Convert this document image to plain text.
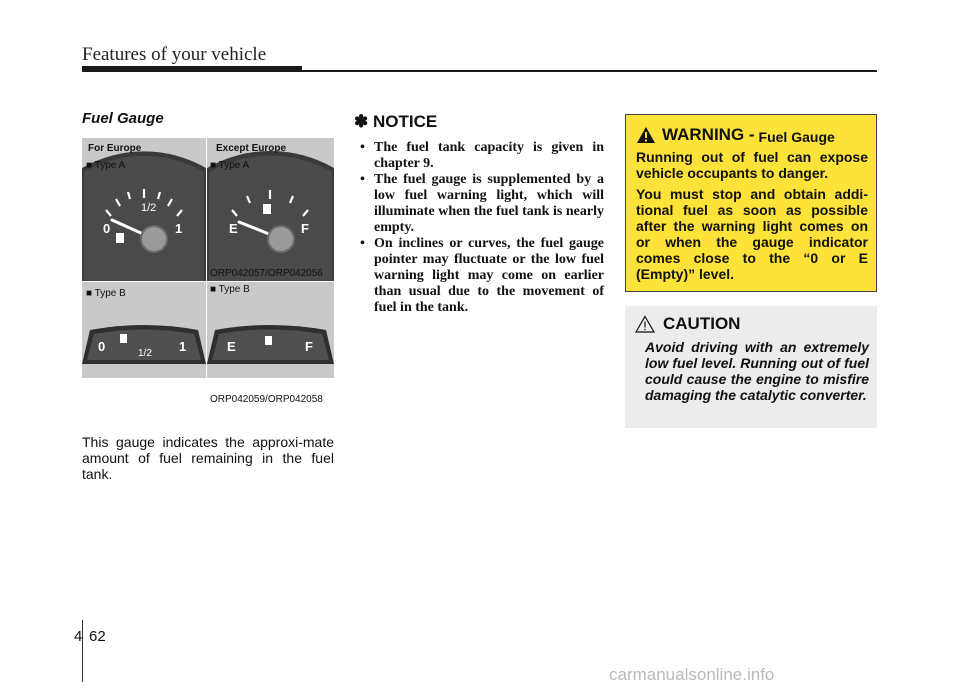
Features of your vehicle
Fuel Gauge
1/2
0	1	E	F
0	1
1/2	E	F
For Europe	Except Europe
■ Type A	■ Type A
ORP042057/ORP042056
■ Type B	■ Type B
ORP042059/ORP042058
This gauge indicates the approxi-mate amount of fuel remaining in the fuel tank.
✽ NOTICE
• The fuel tank capacity is given in chapter 9.
• The fuel gauge is supplemented by a low fuel warning light, which will illuminate when the fuel tank is nearly empty.
• On inclines or curves, the fuel gauge pointer may fluctuate or the low fuel warning light may come on earlier than usual due to the movement of fuel in the tank.
WARNING - Fuel Gauge

Running out of fuel can expose vehicle occupants to danger.

You must stop and obtain addi-tional fuel as soon as possible after the warning light comes on or when the gauge indicator comes close to the “0 or E (Empty)” level.

CAUTION
Avoid driving with an extremely low fuel level. Running out of fuel could cause the engine to misfire damaging the catalytic converter.
4 62
carmanualsonline.info
